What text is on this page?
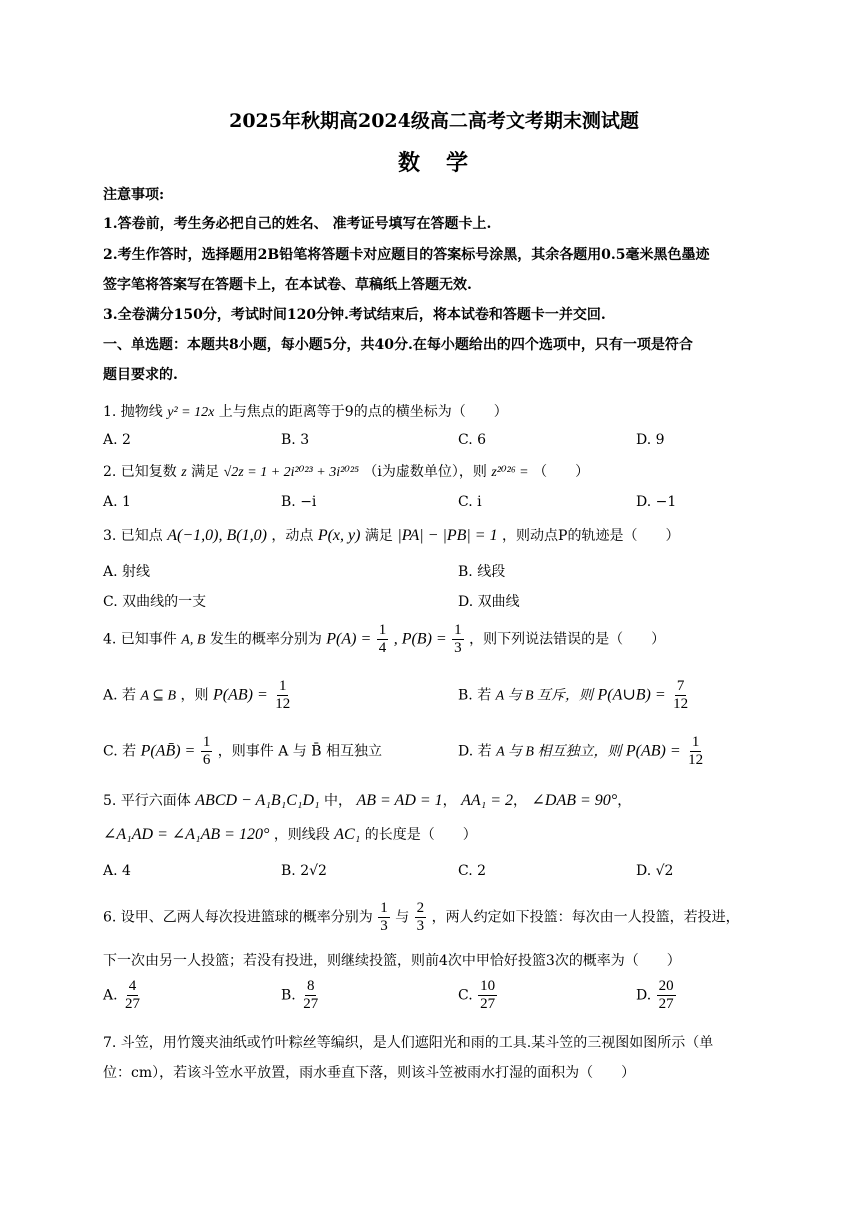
2025年秋期高2024级高二高考文考期末测试题
数　学
注意事项:
1.答卷前，考生务必把自己的姓名、 准考证号填写在答题卡上.
2.考生作答时，选择题用2B铅笔将答题卡对应题目的答案标号涂黑，其余各题用0.5毫米黑色墨迹
签字笔将答案写在答题卡上，在本试卷、草稿纸上答题无效.
3.全卷满分150分，考试时间120分钟.考试结束后，将本试卷和答题卡一并交回.
一、单选题：本题共8小题，每小题5分，共40分.在每小题给出的四个选项中，只有一项是符合
题目要求的.
1. 抛物线 y² = 12x 上与焦点的距离等于9的点的横坐标为（　　）
A. 2	B. 3	C. 6	D. 9
2. 已知复数 z 满足 √2z = 1 + 2i²⁰²³ + 3i²⁰²⁵ （i为虚数单位），则 z²⁰²⁶ = （　　）
A. 1	B. −i	C. i	D. −1
3. 已知点 A(−1,0), B(1,0) ，动点 P(x, y) 满足 |PA| − |PB| = 1 ，则动点P的轨迹是（　　）
A. 射线	B. 线段
C. 双曲线的一支	D. 双曲线
4. 已知事件 A, B 发生的概率分别为 $P(A) = \frac{1}{4}$ , $P(B) = \frac{1}{3}$ ，则下列说法错误的是（　　）
A. 若 A ⊆ B ，则 $P(AB) = \frac{1}{12}$	B. 若 A 与 B 互斥，则 P(A∪B) = $\frac{7}{12}$
C. 若 P(AB̄) = $\frac{1}{6}$ ，则事件 A 与 B̄ 相互独立	D. 若 A 与 B 相互独立，则 $P(AB) = \frac{1}{12}$
5. 平行六面体 ABCD − A₁B₁C₁D₁ 中， AB = AD = 1， AA₁ = 2， ∠DAB = 90°，
∠A₁AD = ∠A₁AB = 120° ，则线段 AC₁ 的长度是（　　）
A. 4	B. 2√2	C. 2	D. √2
6. 设甲、乙两人每次投进篮球的概率分别为 $\frac{1}{3}$ 与 $\frac{2}{3}$ ，两人约定如下投篮：每次由一人投篮，若投进，
下一次由另一人投篮；若没有投进，则继续投篮，则前4次中甲恰好投篮3次的概率为（　　）
A. $\frac{4}{27}$	B. $\frac{8}{27}$	C. $\frac{10}{27}$	D. $\frac{20}{27}$
7. 斗笠，用竹篾夹油纸或竹叶粽丝等编织，是人们遮阳光和雨的工具.某斗笠的三视图如图所示（单
位：cm），若该斗笠水平放置，雨水垂直下落，则该斗笠被雨水打湿的面积为（　　）
